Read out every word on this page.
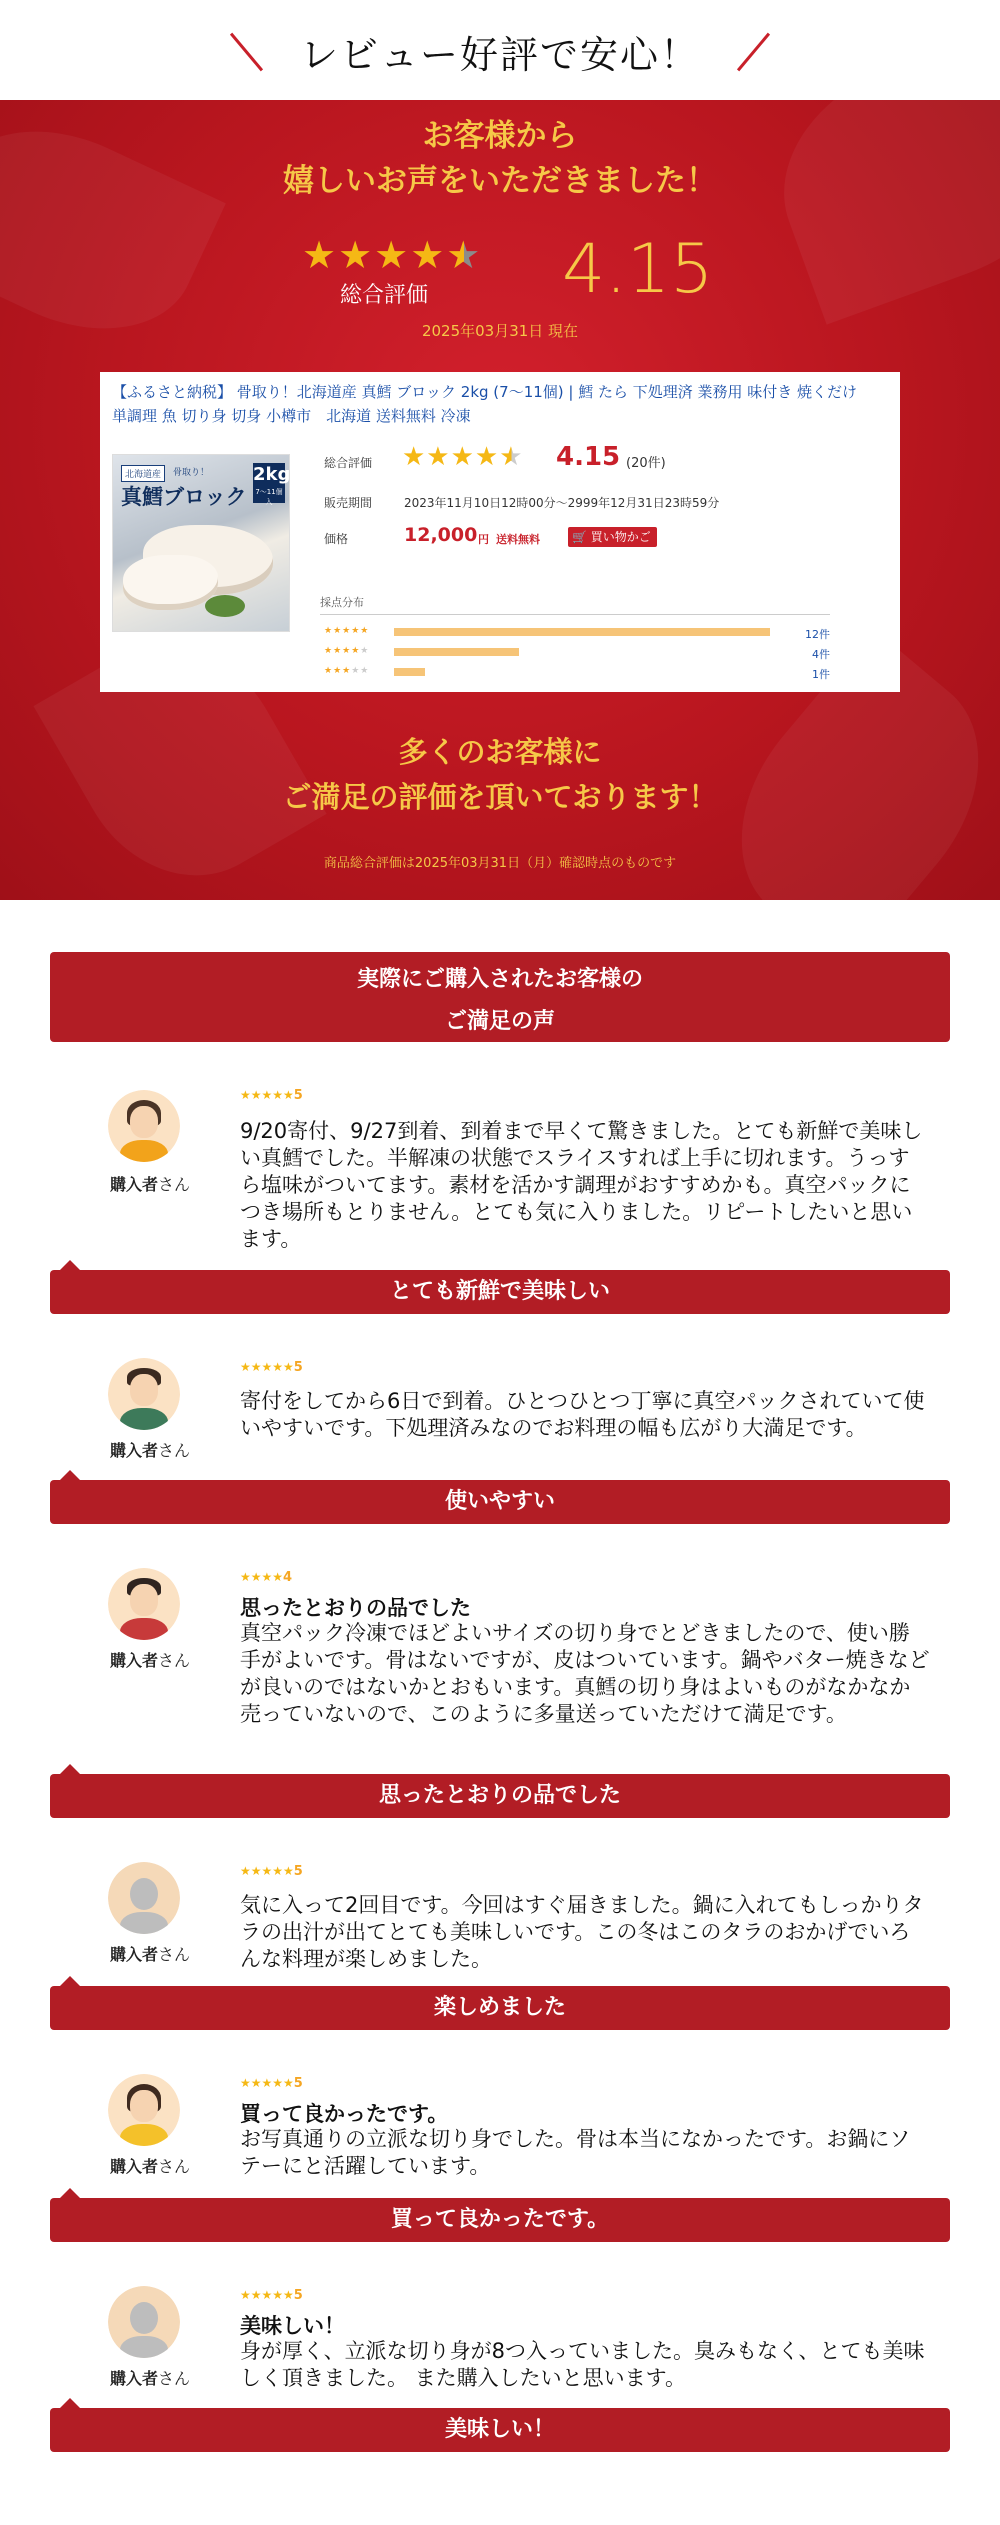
レビュー好評で安心！
お客様から
嬉しいお声をいただきました！
★★★★★
総合評価 4.15
2025年03月31日 現在
【ふるさと納税】 骨取り！北海道産 真鱈 ブロック 2kg (7〜11個) | 鱈 たら 下処理済 業務用 味付き 焼くだけ
単調理 魚 切り身 切身 小樽市　北海道 送料無料 冷凍
北海道産	骨取り！
真鱈ブロック
2kg
7〜11個入
総合評価 ★★★★★ 4.15 (20件)
販売期間	2023年11月10日12時00分〜2999年12月31日23時59分
価格	12,000 円 送料無料	🛒 買い物かご
採点分布
★★★★★	12件
★★★★★	4件
★★★★★	1件
多くのお客様に
ご満足の評価を頂いております！
商品総合評価は2025年03月31日（月）確認時点のものです
実際にご購入されたお客様の
ご満足の声
購入者さん
★★★★★5
9/20寄付、9/27到着、到着まで早くて驚きました。とても新鮮で美味しい真鱈でした。半解凍の状態でスライスすれば上手に切れます。うっすら塩味がついてます。素材を活かす調理がおすすめかも。真空パックにつき場所もとりません。とても気に入りました。リピートしたいと思います。
とても新鮮で美味しい
購入者さん
★★★★★5
寄付をしてから6日で到着。ひとつひとつ丁寧に真空パックされていて使いやすいです。下処理済みなのでお料理の幅も広がり大満足です。
使いやすい
購入者さん
★★★★4
思ったとおりの品でした
真空パック冷凍でほどよいサイズの切り身でとどきましたので、使い勝手がよいです。骨はないですが、皮はついています。鍋やバター焼きなどが良いのではないかとおもいます。真鱈の切り身はよいものがなかなか売っていないので、このように多量送っていただけて満足です。
思ったとおりの品でした
購入者さん
★★★★★5
気に入って2回目です。今回はすぐ届きました。鍋に入れてもしっかりタラの出汁が出てとても美味しいです。この冬はこのタラのおかげでいろんな料理が楽しめました。
楽しめました
購入者さん
★★★★★5
買って良かったです。
お写真通りの立派な切り身でした。骨は本当になかったです。お鍋にソテーにと活躍しています。
買って良かったです。
購入者さん
★★★★★5
美味しい！
身が厚く、立派な切り身が8つ入っていました。臭みもなく、とても美味しく頂きました。 また購入したいと思います。
美味しい！
